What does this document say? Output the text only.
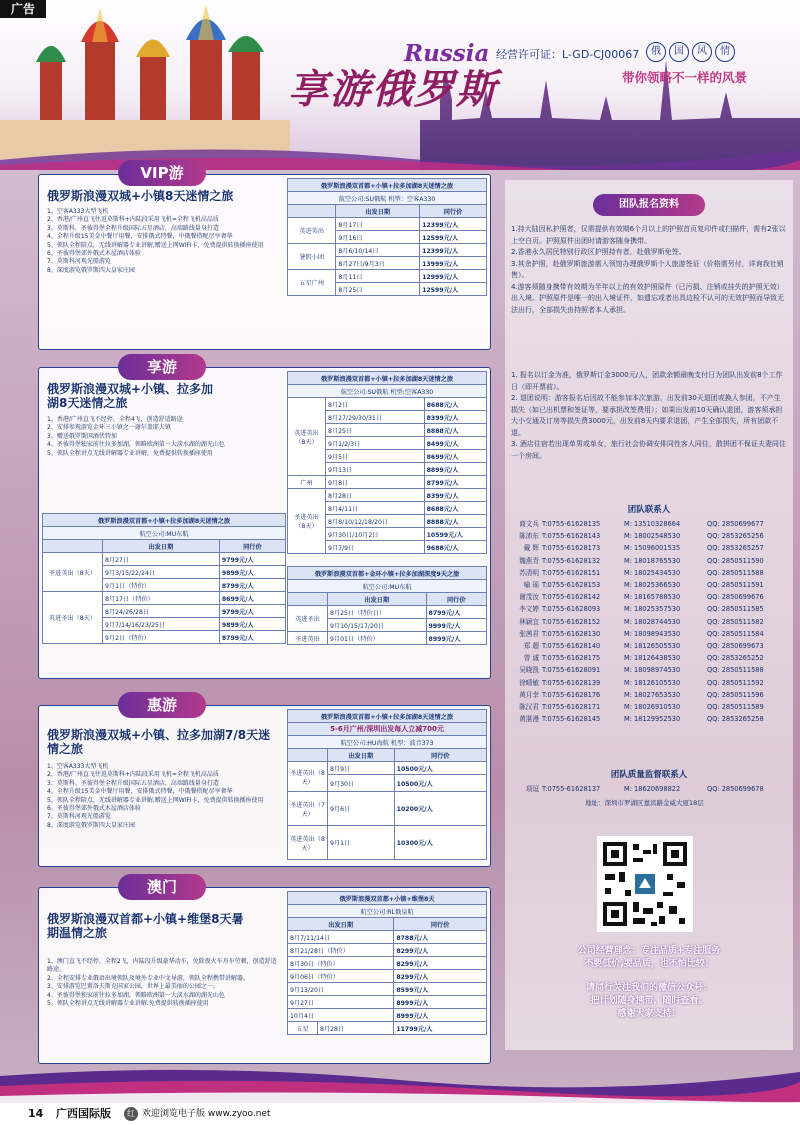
广告
享游俄罗斯
Russia 经营许可证：L-GD-CJ00067	俄	国	风	情
带你领略不一样的风景
VIP游
俄罗斯浪漫双城+小镇8天迷情之旅
1、空客A333大型飞机
2、香港/广州直飞往返莫斯科+内陆段采用飞机=全程飞机高品质
3、莫斯科、圣彼得堡全程升级国际五星酒店，高端路线量身打造
4、全程升级15美金中餐厅用餐，安排俄式特餐，中俄餐搭配尽享奢华
5、领队全程陪点，无线讲解器专业讲解,赠送上网WIFI卡，免费提供转换插座使用
6、圣彼得堡郊外俄式木屋酒店体验
7、莫斯科河观光船游览
8、深度游览俄罗斯四大皇家庄园
俄罗斯浪漫双首都+小镇+拉多加湖8天迷情之旅		
航空公司:SU俄航 机型：空客A330		
	出发日期	同行价
英进英出	8月17日	12399元/人
	9月16日	12599元/人
暑假小团	8月6/10/14日	12399元/人
	8月27日/9月3日	13999元/人
五星广州	8月11日	12999元/人
	8月25日	12599元/人
享游
俄罗斯浪漫双城+小镇、拉多加湖8天迷情之旅
1、香港/广州直飞不经停，全程4飞，创造舒适路途
2、安排参观游览金环三小镇之一谢尔盖耶夫镇
3、赠送俄罗斯国酒伏特加
4、圣彼得堡独家前往拉多加湖，领略欧洲第一大淡水湖的湖光山色
5、领队全程讲点无线讲解器专业讲解，免费提供转换插座使用
俄罗斯浪漫双首都+小镇+拉多加湖8天迷情之旅		
航空公司:SU俄航 机型:空客A330		
英进英出（8天）	8月2日	8688元/人
	8月27/29/30/31日	8399元/人
	8月25日	8888元/人
	9月1/2/3日	8499元/人
	9月5日	8699元/人
	9月13日	8899元/人
广州	9月8日	8799元/人
圣进英出（8天）	8月28日	8399元/人
	8月4/11日	8688元/人
	8月8/10/12/18/20日	8888元/人
	9月30日/10月2日	10599元/人
	9月7/9日	9688元/人
俄罗斯浪漫双首都+小镇+拉多加湖8天迷情之旅		
航空公司:MU东航		
	出发日期	同行价
圣进英出（8天）	8月27日	9799元/人
	9月3/15/22/24日	9899元/人
	9月1日（特价）	8799元/人
英进圣出（8天）	8月17日（特价）	8699元/人
	8月24/26/28日	9799元/人
	9月7/14/16/23/25日	9899元/人
	9月2日（特价）	8799元/人
俄罗斯浪漫双首都+金环小镇+拉多加湖深度9天之旅		
航空公司:MU东航		
	出发日期	同行价
英进圣出	8月25日（特价日）	8799元/人
	9月10/15/17/20日	9999元/人
圣进英出	9月01日（特价）	8999元/人
惠游
俄罗斯浪漫双城+小镇、拉多加湖7/8天迷情之旅
1、空客A333大型飞机
2、香港/广州直飞往返莫斯科+内陆段采用飞机=全程飞机高品质
3、莫斯科、圣彼得堡全程升级国际五星酒店，高端路线量身打造
4、全程升级15美金中餐厅用餐，安排俄式特餐，中俄餐搭配尽享奢华
5、领队全程陪点，无线讲解器专业讲解,赠送上网WIFI卡，免费提供转换插座使用
6、圣彼得堡郊外俄式木屋酒店体验
7、莫斯科河观光船游览
8、深度游览俄罗斯四大皇家庄园
俄罗斯浪漫双首都+小镇+拉多加湖8天迷情之旅		
5-6月广州/深圳出发每人立减700元		
航空公司:HU海航 机型：波音373		
	出发日期	同行价
圣进英出（8天）	8月9日	10500元/人
	9月30日	10500元/人
圣进英出（7天）	9月6日	10200元/人
英进英出（8天）	9月1日	10300元/人
澳门
俄罗斯浪漫双首都+小镇+维堡8天暑期温情之旅
1、澳门直飞不经停，全程2飞，内陆段升级豪华动车，免除夜火车舟车劳顿，创造舒适路途。
2、全程安排专业俄语出境领队及境外专业中文导游，领队全程携带讲解器。
3、安排游览巴甫洛夫斯克国家公园，世界上最美丽的公园之一。
4、圣彼得堡独家前往拉多加湖，领略欧洲第一大淡水湖的湖光山色
5、领队全程讲点无线讲解器专业讲解.免费提供转换插座使用
俄罗斯浪漫双首都+小镇+维堡8天		
航空公司:RL俄皇航		
出发日期		同行价
8月7/11/14日		8788元/人
8月21/28日（特价）		8299元/人
8月30日（特价）		8299元/人
9月06日（特价）		8299元/人
9月13/20日		8599元/人
9月27日		8999元/人
10月4日		8999元/人
五星	8月28日	11799元/人
团队报名资料

1.持大陆因私护照者，仅需提供有效期6个月以上的护照首页复印件或扫描件，需有2张以上空白页。护照原件出团时请游客随身携带。

2.香港永久居民特别行政区护照持有者，赴俄罗斯免签。

3.其余护照，赴俄罗斯旅游需入领馆办理俄罗斯个人旅游签证（价格需另付，详询我社销售）。

4.游客须随身携带有效期为半年以上的有效护照原件（已污损、注销或挂失的护照无效）出入境。护照原件是唯一的出入境证件，如遗忘或者出具边检不认可的无效护照而导致无法出行，全部损失由持照者本人承担。

1. 报名以订金为准，俄罗斯订金3000元/人，团款余额最晚支付日为团队出发前8个工作日（即开票前）。

2. 退团说明：游客报名后因故不能参加本次旅游，出发前30天退团或换人参团，不产生损失（如已出机票和签证等，要承担改签费用）；如果出发前10天确认退团，游客须承担大小交通及订房等损失费3000元，出发前8天内要求退团，产生全部损失，所有团款不退。

3. 酒店住宿若出现单男或单女，旅行社会协调安排同性客人同住，散拼团不保证夫妻同住一个房间。

团队联系人
商文兵 T:0755-61628135	M: 13510328664	QQ: 2850699677
陈沛东 T:0755-61628143	M: 18002548530	QQ: 2853265256
戴 辉 T:0755-61628173	M: 15096001535	QQ: 2853265257
魏燕青 T:0755-61628132	M: 18018765530	QQ: 2850511590
苏清明 T:0755-61628151	M: 18025434530	QQ: 2850511588
喻 瑶 T:0755-61628153	M: 18025366530	QQ: 2850511591
谢茂汝 T:0755-61628142	M: 18165788530	QQ: 2850699676
李文婷 T:0755-61628093	M: 18025357530	QQ: 2850511585
林颖宜 T:0755-61628152	M: 18028744530	QQ: 2850511582
张茜君 T:0755-61628130	M: 18098943530	QQ: 2850511584
郑 超 T:0755-61628140	M: 18126505530	QQ: 2850699673
曾 诚 T:0755-61628175	M: 18126438530	QQ: 2853265252
吴晓凯 T:0755-61628091	M: 18098974530	QQ: 2850511588
徐晴敏 T:0755-61628139	M: 18126105530	QQ: 2850511592
黄月幸 T:0755-61628176	M: 18027653530	QQ: 2850511596
陈汉君 T:0755-61628171	M: 18026910530	QQ: 2850511589
黄湛漫 T:0755-61628145	M: 18129952530	QQ: 2853265258
团队质量监督联系人
项逗 T:0755-61628137	M: 18620698822	QQ: 2850699678
地址：深圳市罗湖区嘉宾路金威大厦18层
公司经营理念：专注品质+专注服务
不要低价,要品质，也不怕比较！
请同行关注我们的微信公众号：
把计划随身携带，随时查看。
感谢大家支持！
14 广西国际版	红 欢迎浏览电子版 www.zyoo.net
